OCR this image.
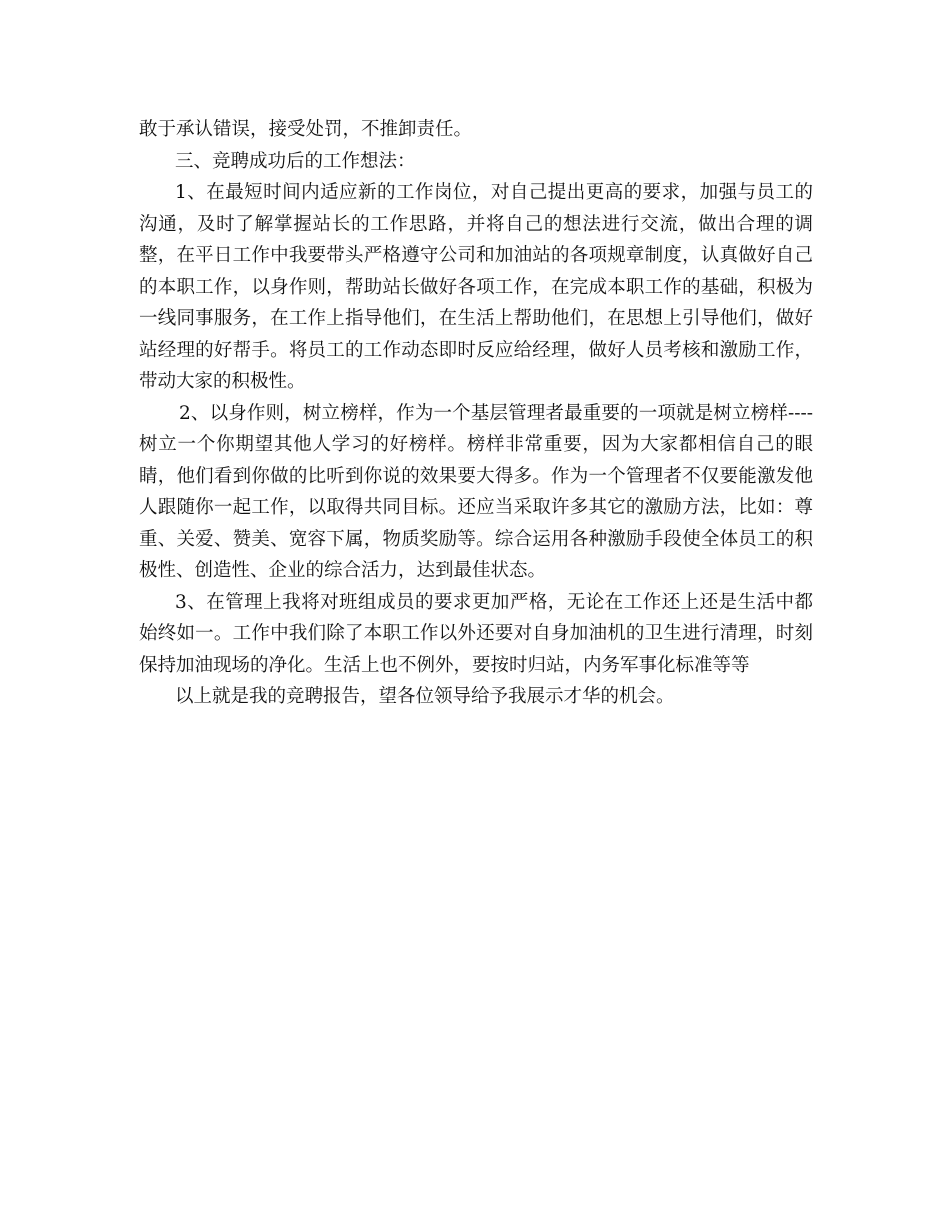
敢于承认错误，接受处罚，不推卸责任。

三、竞聘成功后的工作想法：

1、在最短时间内适应新的工作岗位，对自己提出更高的要求，加强与员工的沟通，及时了解掌握站长的工作思路，并将自己的想法进行交流，做出合理的调整，在平日工作中我要带头严格遵守公司和加油站的各项规章制度，认真做好自己的本职工作，以身作则，帮助站长做好各项工作，在完成本职工作的基础，积极为一线同事服务，在工作上指导他们，在生活上帮助他们，在思想上引导他们，做好站经理的好帮手。将员工的工作动态即时反应给经理，做好人员考核和激励工作，带动大家的积极性。

2、以身作则，树立榜样，作为一个基层管理者最重要的一项就是树立榜样----树立一个你期望其他人学习的好榜样。榜样非常重要，因为大家都相信自己的眼睛，他们看到你做的比听到你说的效果要大得多。作为一个管理者不仅要能激发他人跟随你一起工作，以取得共同目标。还应当采取许多其它的激励方法，比如：尊重、关爱、赞美、宽容下属，物质奖励等。综合运用各种激励手段使全体员工的积极性、创造性、企业的综合活力，达到最佳状态。

3、在管理上我将对班组成员的要求更加严格，无论在工作还上还是生活中都始终如一。工作中我们除了本职工作以外还要对自身加油机的卫生进行清理，时刻保持加油现场的净化。生活上也不例外，要按时归站，内务军事化标准等等

以上就是我的竞聘报告，望各位领导给予我展示才华的机会。
